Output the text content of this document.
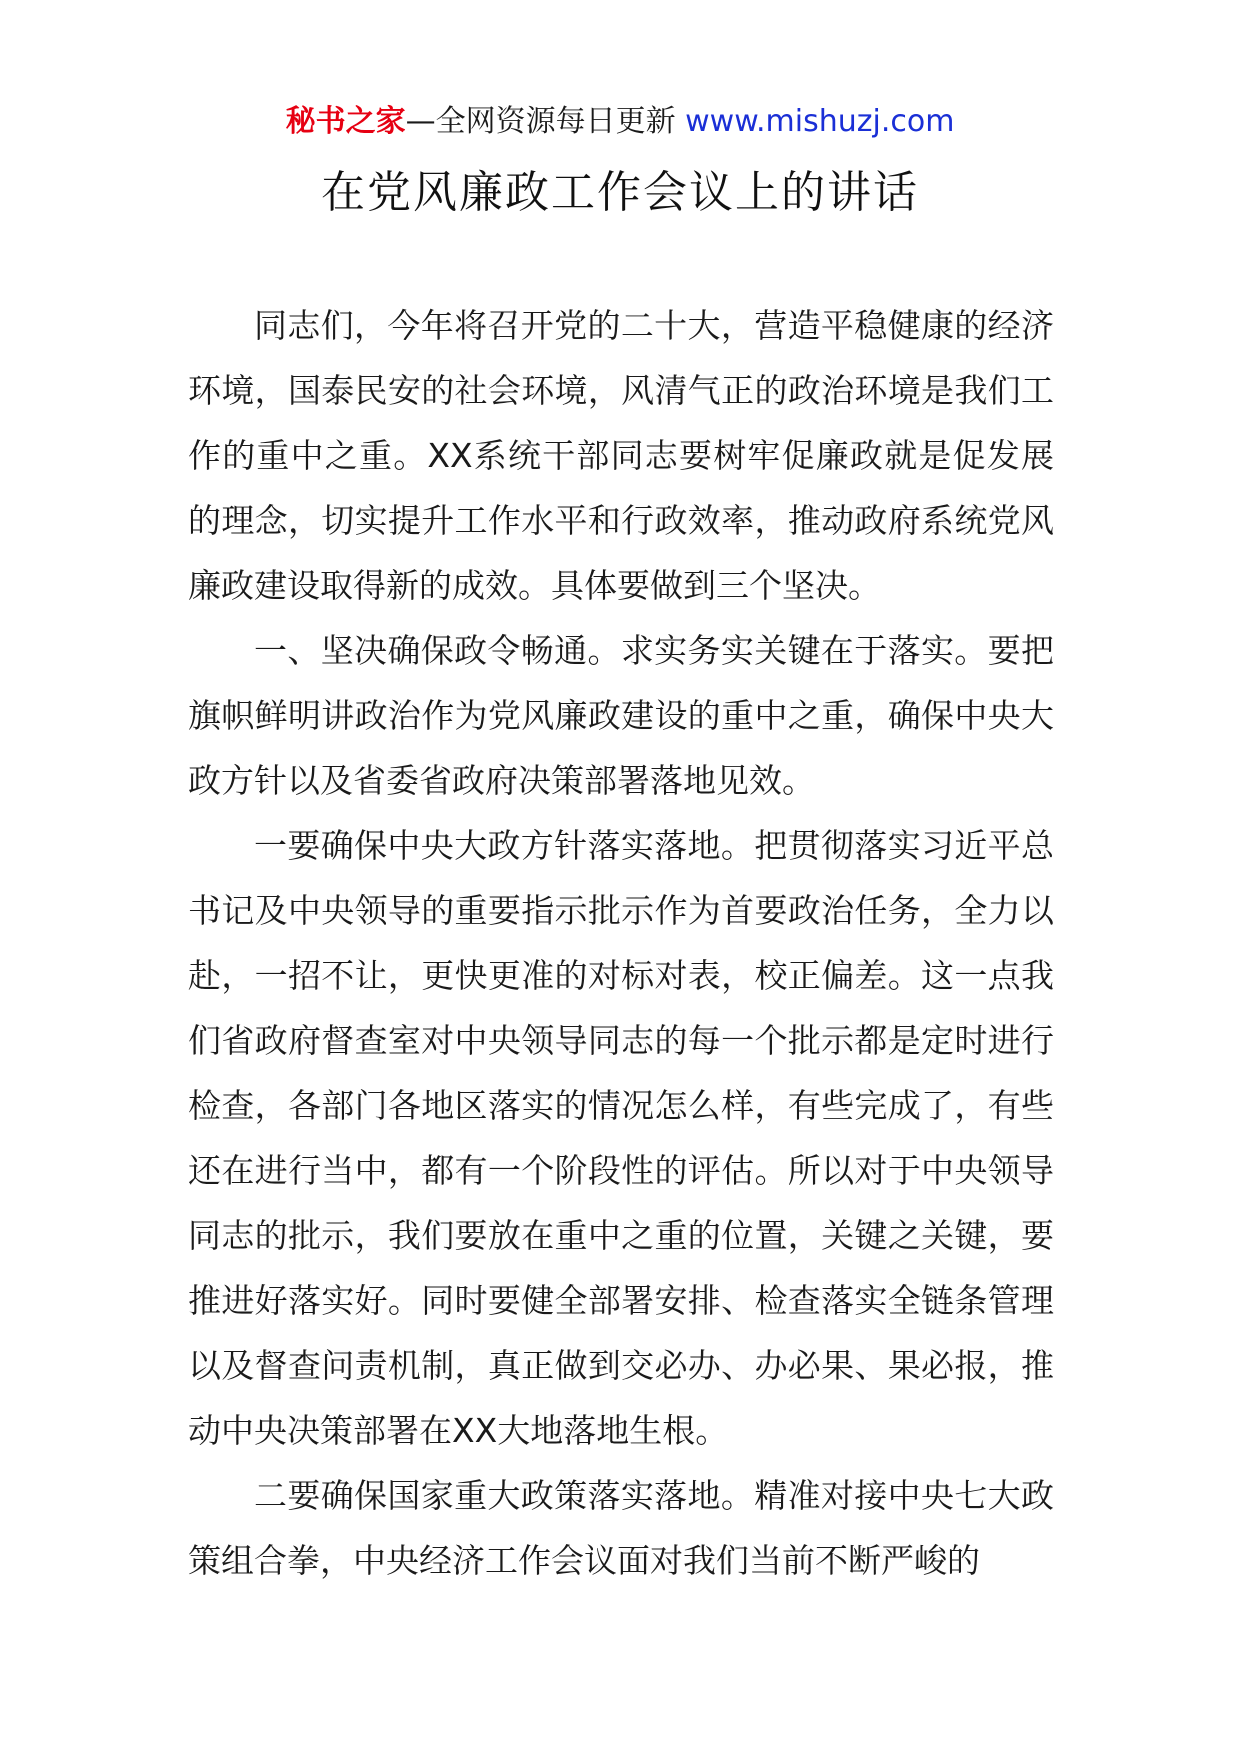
秘书之家—全网资源每日更新 www.mishuzj.com
在党风廉政工作会议上的讲话

同志们，今年将召开党的二十大，营造平稳健康的经济环境，国泰民安的社会环境，风清气正的政治环境是我们工作的重中之重。XX系统干部同志要树牢促廉政就是促发展的理念，切实提升工作水平和行政效率，推动政府系统党风廉政建设取得新的成效。具体要做到三个坚决。

一、坚决确保政令畅通。求实务实关键在于落实。要把旗帜鲜明讲政治作为党风廉政建设的重中之重，确保中央大政方针以及省委省政府决策部署落地见效。

一要确保中央大政方针落实落地。把贯彻落实习近平总书记及中央领导的重要指示批示作为首要政治任务，全力以赴，一招不让，更快更准的对标对表，校正偏差。这一点我们省政府督查室对中央领导同志的每一个批示都是定时进行检查，各部门各地区落实的情况怎么样，有些完成了，有些还在进行当中，都有一个阶段性的评估。所以对于中央领导同志的批示，我们要放在重中之重的位置，关键之关键，要推进好落实好。同时要健全部署安排、检查落实全链条管理以及督查问责机制，真正做到交必办、办必果、果必报，推动中央决策部署在XX大地落地生根。

二要确保国家重大政策落实落地。精准对接中央七大政策组合拳，中央经济工作会议面对我们当前不断严峻的
